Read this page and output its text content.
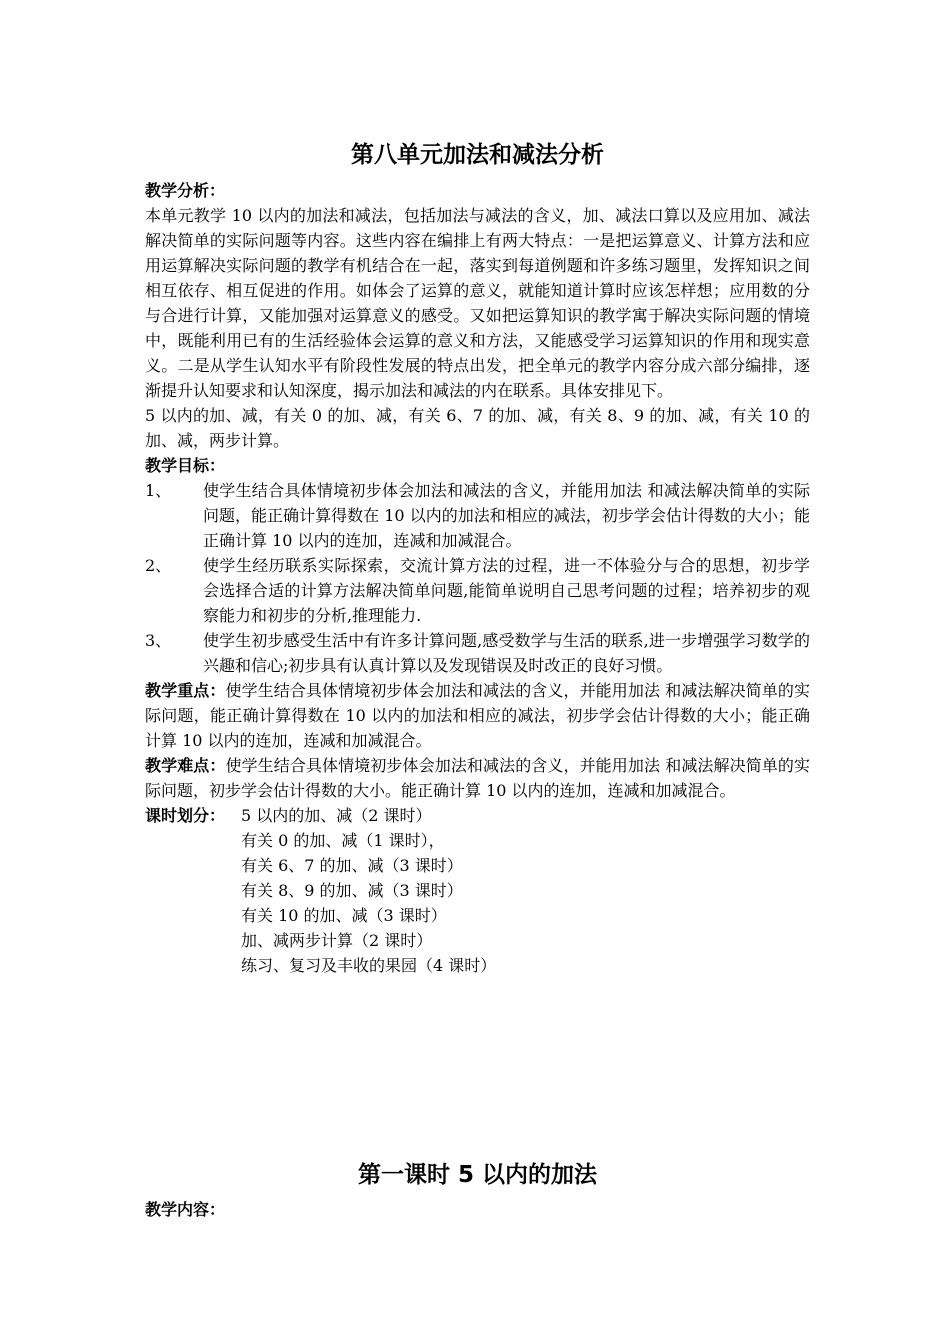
第八单元加法和减法分析
教学分析：

本单元教学 10 以内的加法和减法，包括加法与减法的含义，加、减法口算以及应用加、减法解决简单的实际问题等内容。这些内容在编排上有两大特点：一是把运算意义、计算方法和应用运算解决实际问题的教学有机结合在一起，落实到每道例题和许多练习题里，发挥知识之间相互依存、相互促进的作用。如体会了运算的意义，就能知道计算时应该怎样想；应用数的分与合进行计算，又能加强对运算意义的感受。又如把运算知识的教学寓于解决实际问题的情境中，既能利用已有的生活经验体会运算的意义和方法，又能感受学习运算知识的作用和现实意义。二是从学生认知水平有阶段性发展的特点出发，把全单元的教学内容分成六部分编排，逐渐提升认知要求和认知深度，揭示加法和减法的内在联系。具体安排见下。

5 以内的加、减，有关 0 的加、减，有关 6、7 的加、减，有关 8、9 的加、减，有关 10 的加、减，两步计算。

教学目标：
1、	使学生结合具体情境初步体会加法和减法的含义，并能用加法 和减法解决简单的实际问题，能正确计算得数在 10 以内的加法和相应的减法，初步学会估计得数的大小；能正确计算 10 以内的连加，连减和加减混合。
2、	使学生经历联系实际探索，交流计算方法的过程，进一不体验分与合的思想，初步学会选择合适的计算方法解决简单问题,能简单说明自己思考问题的过程；培养初步的观察能力和初步的分析,推理能力.
3、	使学生初步感受生活中有许多计算问题,感受数学与生活的联系,进一步增强学习数学的兴趣和信心;初步具有认真计算以及发现错误及时改正的良好习惯。

教学重点：使学生结合具体情境初步体会加法和减法的含义，并能用加法 和减法解决简单的实际问题，能正确计算得数在 10 以内的加法和相应的减法，初步学会估计得数的大小；能正确计算 10 以内的连加，连减和加减混合。

教学难点：使学生结合具体情境初步体会加法和减法的含义，并能用加法 和减法解决简单的实际问题，初步学会估计得数的大小。能正确计算 10 以内的连加，连减和加减混合。

课时划分： 5 以内的加、减（2 课时）
有关 0 的加、减（1 课时），
有关 6、7 的加、减（3 课时）
有关 8、9 的加、减（3 课时）
有关 10 的加、减（3 课时）
加、减两步计算（2 课时）
练习、复习及丰收的果园（4 课时）
第一课时 5 以内的加法
教学内容：
